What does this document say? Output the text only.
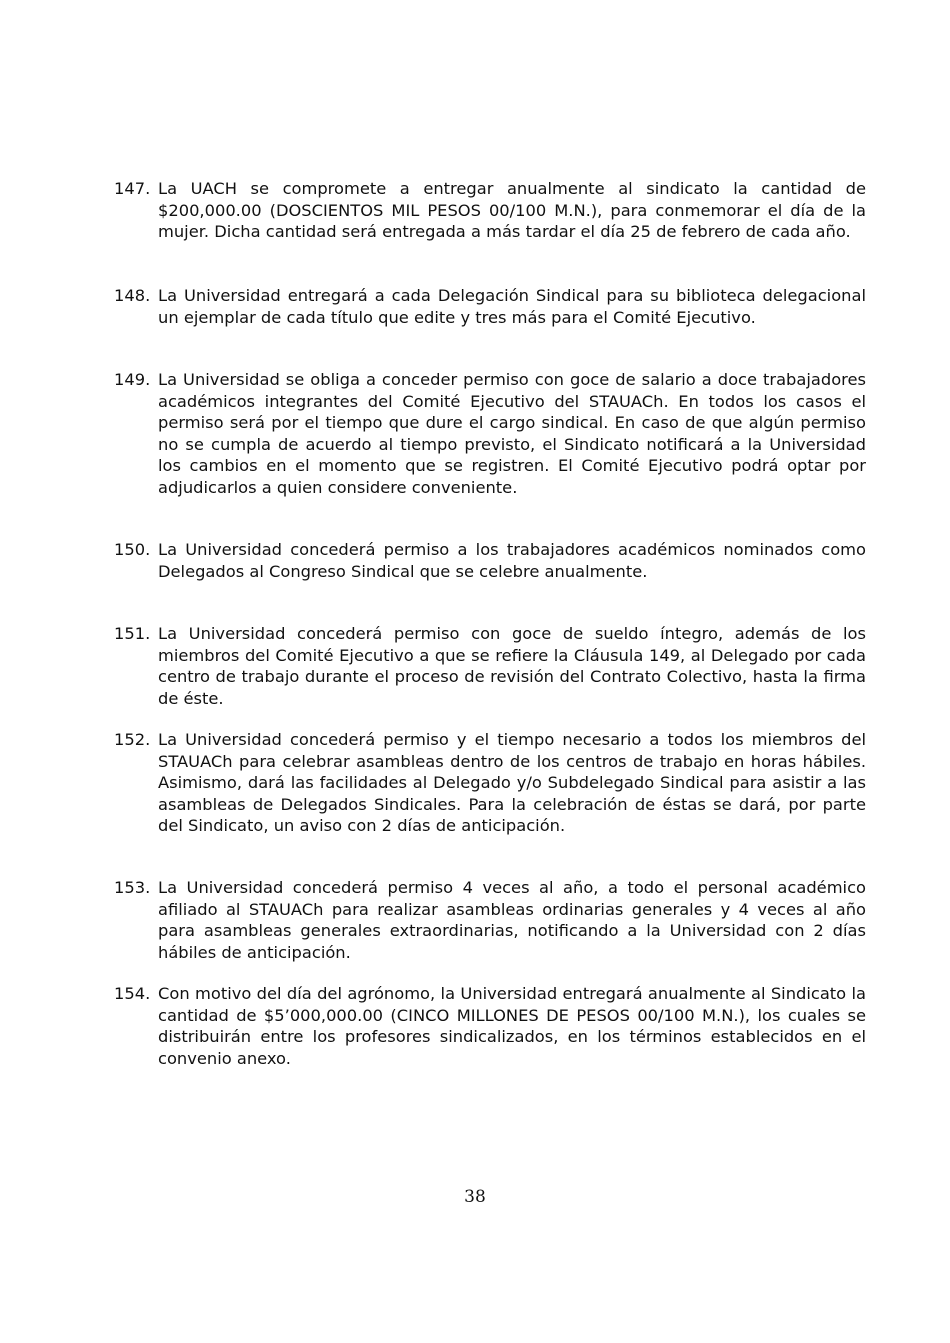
147. La UACH se compromete a entregar anualmente al sindicato la cantidad de $200,000.00 (DOSCIENTOS MIL PESOS 00/100 M.N.), para conmemorar el día de la mujer. Dicha cantidad será entregada a más tardar el día 25 de febrero de cada año.
148. La Universidad entregará a cada Delegación Sindical para su biblioteca delegacional un ejemplar de cada título que edite y tres más para el Comité Ejecutivo.
149. La Universidad se obliga a conceder permiso con goce de salario a doce trabajadores académicos integrantes del Comité Ejecutivo del STAUACh. En todos los casos el permiso será por el tiempo que dure el cargo sindical. En caso de que algún permiso no se cumpla de acuerdo al tiempo previsto, el Sindicato notificará a la Universidad los cambios en el momento que se registren. El Comité Ejecutivo podrá optar por adjudicarlos a quien considere conveniente.
150. La Universidad concederá permiso a los trabajadores académicos nominados como Delegados al Congreso Sindical que se celebre anualmente.
151. La Universidad concederá permiso con goce de sueldo íntegro, además de los miembros del Comité Ejecutivo a que se refiere la Cláusula 149, al Delegado por cada centro de trabajo durante el proceso de revisión del Contrato Colectivo, hasta la firma de éste.
152. La Universidad concederá permiso y el tiempo necesario a todos los miembros del STAUACh para celebrar asambleas dentro de los centros de trabajo en horas hábiles. Asimismo, dará las facilidades al Delegado y/o Subdelegado Sindical para asistir a las asambleas de Delegados Sindicales. Para la celebración de éstas se dará, por parte del Sindicato, un aviso con 2 días de anticipación.
153. La Universidad concederá permiso 4 veces al año, a todo el personal académico afiliado al STAUACh para realizar asambleas ordinarias generales y 4 veces al año para asambleas generales extraordinarias, notificando a la Universidad con 2 días hábiles de anticipación.
154. Con motivo del día del agrónomo, la Universidad entregará anualmente al Sindicato la cantidad de $5’000,000.00 (CINCO MILLONES DE PESOS 00/100 M.N.), los cuales se distribuirán entre los profesores sindicalizados, en los términos establecidos en el convenio anexo.
38
